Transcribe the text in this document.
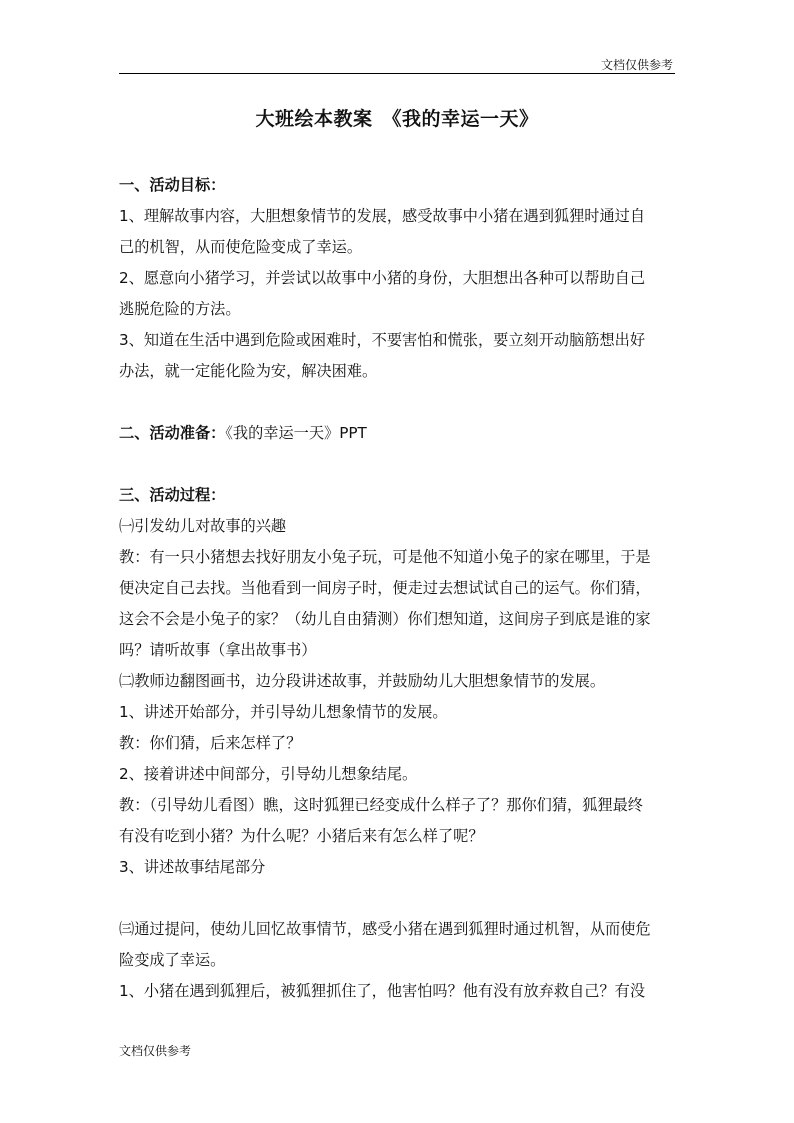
文档仅供参考
大班绘本教案　《我的幸运一天》
一、活动目标：
1、理解故事内容，大胆想象情节的发展，感受故事中小猪在遇到狐狸时通过自
己的机智，从而使危险变成了幸运。
2、愿意向小猪学习，并尝试以故事中小猪的身份，大胆想出各种可以帮助自己
逃脱危险的方法。
3、知道在生活中遇到危险或困难时，不要害怕和慌张，要立刻开动脑筋想出好
办法，就一定能化险为安，解决困难。
二、活动准备：《我的幸运一天》PPT
三、活动过程：
㈠引发幼儿对故事的兴趣
教：有一只小猪想去找好朋友小兔子玩，可是他不知道小兔子的家在哪里，于是
便决定自己去找。当他看到一间房子时，便走过去想试试自己的运气。你们猜，
这会不会是小兔子的家？（幼儿自由猜测）你们想知道，这间房子到底是谁的家
吗？请听故事（拿出故事书）
㈡教师边翻图画书，边分段讲述故事，并鼓励幼儿大胆想象情节的发展。
1、讲述开始部分，并引导幼儿想象情节的发展。
教：你们猜，后来怎样了？
2、接着讲述中间部分，引导幼儿想象结尾。
教：（引导幼儿看图）瞧，这时狐狸已经变成什么样子了？那你们猜，狐狸最终
有没有吃到小猪？为什么呢？小猪后来有怎么样了呢？
3、讲述故事结尾部分
㈢通过提问，使幼儿回忆故事情节，感受小猪在遇到狐狸时通过机智，从而使危
险变成了幸运。
1、小猪在遇到狐狸后，被狐狸抓住了，他害怕吗？他有没有放弃救自己？有没
文档仅供参考
